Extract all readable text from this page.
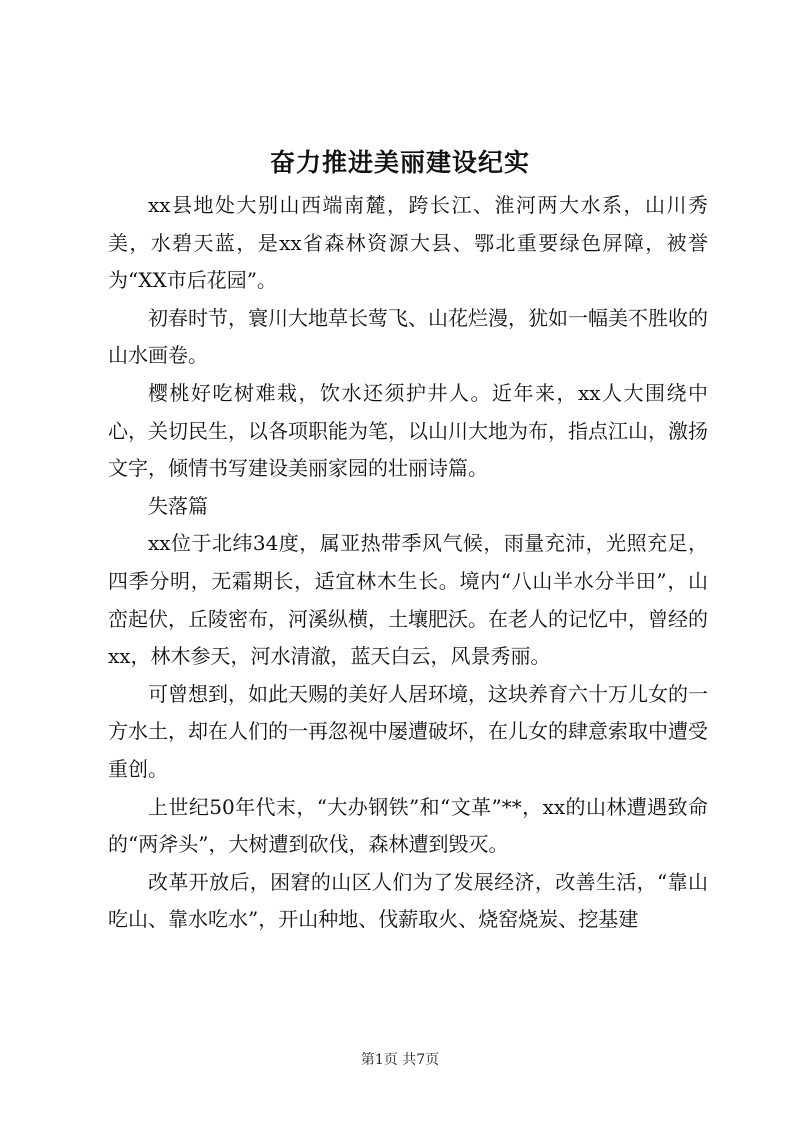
奋力推进美丽建设纪实

xx县地处大别山西端南麓，跨长江、淮河两大水系，山川秀美，水碧天蓝，是xx省森林资源大县、鄂北重要绿色屏障，被誉为“XX市后花园”。

初春时节，寰川大地草长莺飞、山花烂漫，犹如一幅美不胜收的山水画卷。

樱桃好吃树难栽，饮水还须护井人。近年来，xx人大围绕中心，关切民生，以各项职能为笔，以山川大地为布，指点江山，激扬文字，倾情书写建设美丽家园的壮丽诗篇。

失落篇

xx位于北纬34度，属亚热带季风气候，雨量充沛，光照充足，四季分明，无霜期长，适宜林木生长。境内“八山半水分半田”，山峦起伏，丘陵密布，河溪纵横，土壤肥沃。在老人的记忆中，曾经的xx，林木参天，河水清澈，蓝天白云，风景秀丽。

可曾想到，如此天赐的美好人居环境，这块养育六十万儿女的一方水土，却在人们的一再忽视中屡遭破坏，在儿女的肆意索取中遭受重创。

上世纪50年代末，“大办钢铁”和“文革”**，xx的山林遭遇致命的“两斧头”，大树遭到砍伐，森林遭到毁灭。

改革开放后，困窘的山区人们为了发展经济，改善生活，“靠山吃山、靠水吃水”，开山种地、伐薪取火、烧窑烧炭、挖基建

第1页 共7页
